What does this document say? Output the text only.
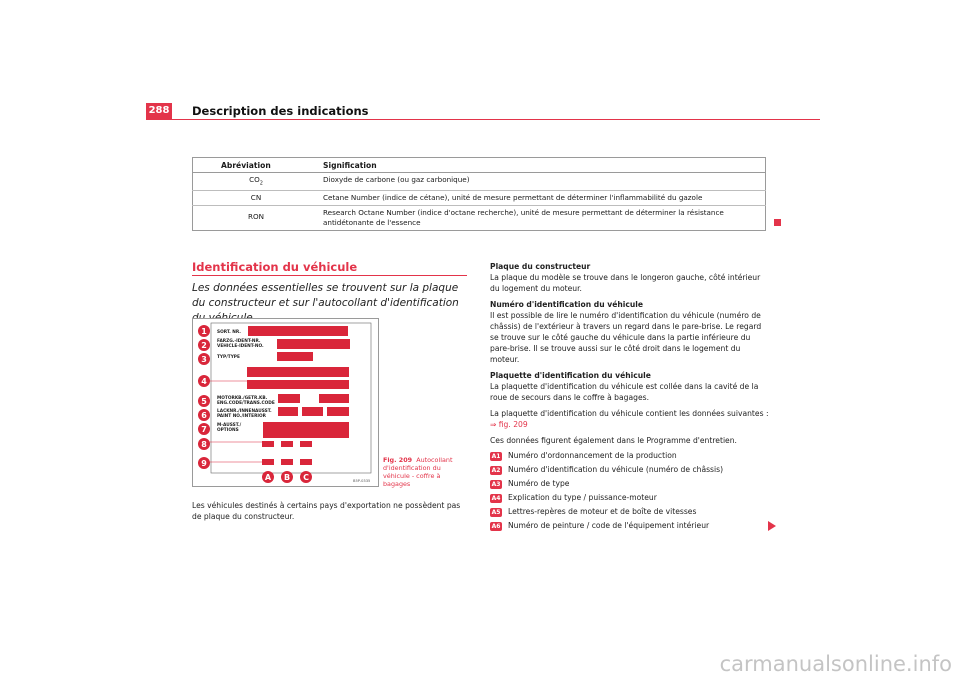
288 Description des indications
Abréviation	Signification
$CO_2$	Dioxyde de carbone (ou gaz carbonique)
CN	Cetane Number (indice de cétane), unité de mesure permettant de déterminer l'inflammabilité du gazole
RON	Research Octane Number (indice d'octane recherche), unité de mesure permettant de déterminer la résistance antidétonante de l'essence
Identification du véhicule
Les données essentielles se trouvent sur la plaque du constructeur et sur l'autocollant d'identification
SORT. NR.
FARZG.-IDENT-NR.
VEHICLE-IDENT-NO.
TYP/TYPE
MOTORKB./GETR.KB.
ENG.CODE/TRANS.CODE
LACKNR./INNENAUSST.
PAINT NO./INTERIOR
M-AUSST./
OPTIONS
1
2
3
4
5
6
7
8
9
A B C	B5P-0335
Fig. 209 Autocollant d'identification du véhicule - coffre à bagages
Les véhicules destinés à certains pays d'exportation ne possèdent pas de plaque du constructeur.
Plaque du constructeur
La plaque du modèle se trouve dans le longeron gauche, côté intérieur du logement du moteur.
Numéro d'identification du véhicule
Il est possible de lire le numéro d'identification du véhicule (numéro de châssis) de l'extérieur à travers un regard dans le pare-brise. Le regard se trouve sur le côté gauche du véhicule dans la partie inférieure du pare-brise. Il se trouve aussi sur le côté droit dans le logement du moteur.
Plaquette d'identification du véhicule
La plaquette d'identification du véhicule est collée dans la cavité de la roue de secours dans le coffre à bagages.
La plaquette d'identification du véhicule contient les données suivantes :
⇒ fig. 209
Ces données figurent également dans le Programme d'entretien.
A1 Numéro d'ordonnancement de la production
A2 Numéro d'identification du véhicule (numéro de châssis)
A3 Numéro de type
A4 Explication du type / puissance-moteur
A5 Lettres-repères de moteur et de boîte de vitesses
A6 Numéro de peinture / code de l'équipement intérieur
carmanualsonline.info
